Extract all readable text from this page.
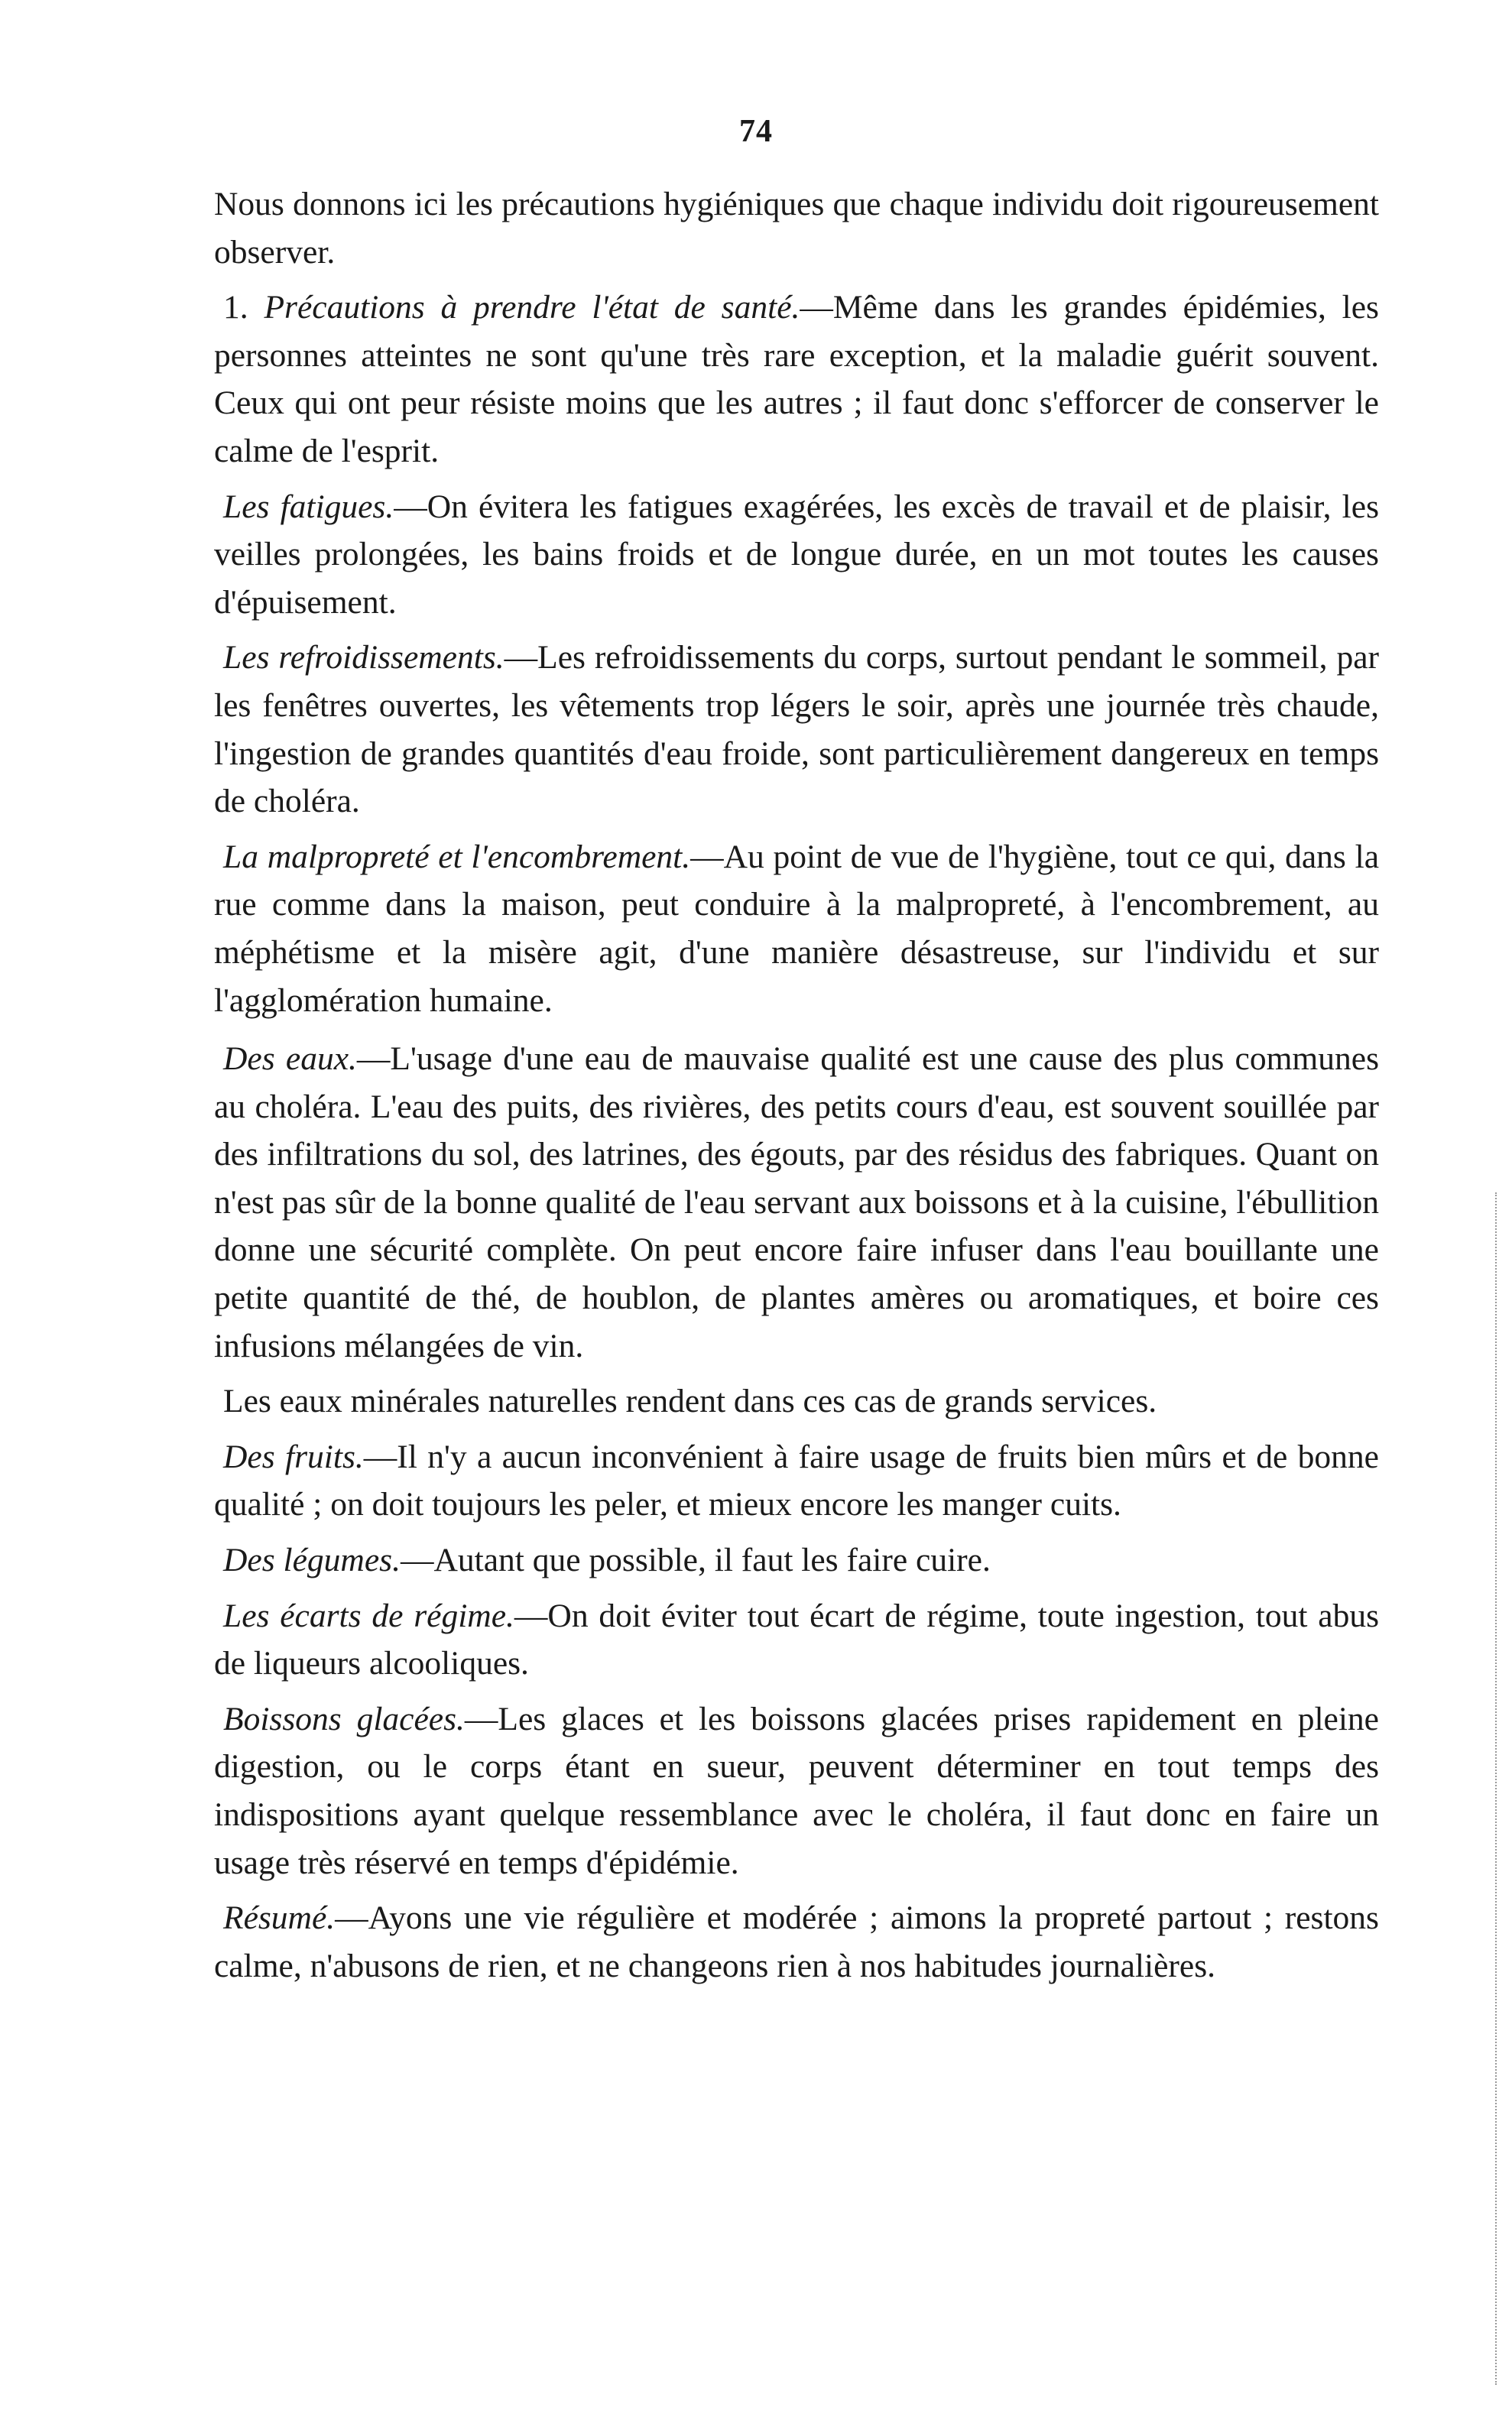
74

Nous donnons ici les précautions hygiéniques que chaque individu doit rigoureusement observer.

1. Précautions à prendre l'état de santé.—Même dans les grandes épidémies, les personnes atteintes ne sont qu'une très rare exception, et la maladie guérit souvent. Ceux qui ont peur résiste moins que les autres ; il faut donc s'efforcer de conserver le calme de l'esprit.

Les fatigues.—On évitera les fatigues exagérées, les excès de travail et de plaisir, les veilles prolongées, les bains froids et de longue durée, en un mot toutes les causes d'épuisement.

Les refroidissements.—Les refroidissements du corps, surtout pendant le sommeil, par les fenêtres ouvertes, les vêtements trop légers le soir, après une journée très chaude, l'ingestion de grandes quantités d'eau froide, sont particulièrement dangereux en temps de choléra.

La malpropreté et l'encombrement.—Au point de vue de l'hygiène, tout ce qui, dans la rue comme dans la maison, peut conduire à la malpropreté, à l'encombrement, au méphétisme et la misère agit, d'une manière désastreuse, sur l'individu et sur l'agglomération humaine.

Des eaux.—L'usage d'une eau de mauvaise qualité est une cause des plus communes au choléra. L'eau des puits, des rivières, des petits cours d'eau, est souvent souillée par des infiltrations du sol, des latrines, des égouts, par des résidus des fabriques. Quant on n'est pas sûr de la bonne qualité de l'eau servant aux boissons et à la cuisine, l'ébullition donne une sécurité complète. On peut encore faire infuser dans l'eau bouillante une petite quantité de thé, de houblon, de plantes amères ou aromatiques, et boire ces infusions mélangées de vin.

Les eaux minérales naturelles rendent dans ces cas de grands services.

Des fruits.—Il n'y a aucun inconvénient à faire usage de fruits bien mûrs et de bonne qualité ; on doit toujours les peler, et mieux encore les manger cuits.

Des légumes.—Autant que possible, il faut les faire cuire.

Les écarts de régime.—On doit éviter tout écart de régime, toute ingestion, tout abus de liqueurs alcooliques.

Boissons glacées.—Les glaces et les boissons glacées prises rapidement en pleine digestion, ou le corps étant en sueur, peuvent déterminer en tout temps des indispositions ayant quelque ressemblance avec le choléra, il faut donc en faire un usage très réservé en temps d'épidémie.

Résumé.—Ayons une vie régulière et modérée ; aimons la propreté partout ; restons calme, n'abusons de rien, et ne changeons rien à nos habitudes journalières.
